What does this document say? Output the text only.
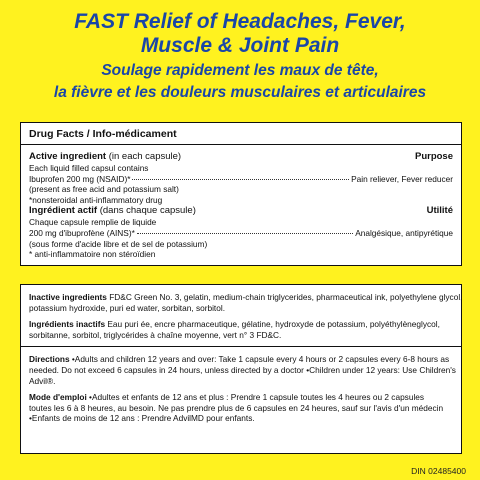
FAST Relief of Headaches, Fever,
Muscle & Joint Pain
Soulage rapidement les maux de tête,
la fièvre et les douleurs musculaires et articulaires
Drug Facts / Info-médicament
Active ingredient (in each capsule)	Purpose
Each liquid filled capsul contains
Ibuprofen 200 mg (NSAID)*	Pain reliever, Fever reducer
(present as free acid and potassium salt)
*nonsteroidal anti-inflammatory drug
Ingrédient actif (dans chaque capsule)	Utilité
Chaque capsule remplie de liquide
200 mg d'ibuprofène (AINS)*	Analgésique, antipyrétique
(sous forme d'acide libre et de sel de potassium)
* anti-inflammatoire non stéroïdien
Inactive ingredients FD&C Green No. 3, gelatin, medium-chain triglycerides, pharmaceutical ink, polyethylene glycol,
potassium hydroxide, puri ed water, sorbitan, sorbitol.
Ingrédients inactifs Eau puri ée, encre pharmaceutique, gélatine, hydroxyde de potassium, polyéthylèneglycol,
sorbitanne, sorbitol, triglycérides à chaîne moyenne, vert n° 3 FD&C.
Directions •Adults and children 12 years and over: Take 1 capsule every 4 hours or 2 capsules every 6-8 hours as
needed. Do not exceed 6 capsules in 24 hours, unless directed by a doctor •Children under 12 years: Use Children's
Advil®.
Mode d'emploi •Adultes et enfants de 12 ans et plus : Prendre 1 capsule toutes les 4 heures ou 2 capsules
toutes les 6 à 8 heures, au besoin. Ne pas prendre plus de 6 capsules en 24 heures, sauf sur l'avis d'un médecin
•Enfants de moins de 12 ans : Prendre AdvilMD pour enfants.
DIN 02485400
